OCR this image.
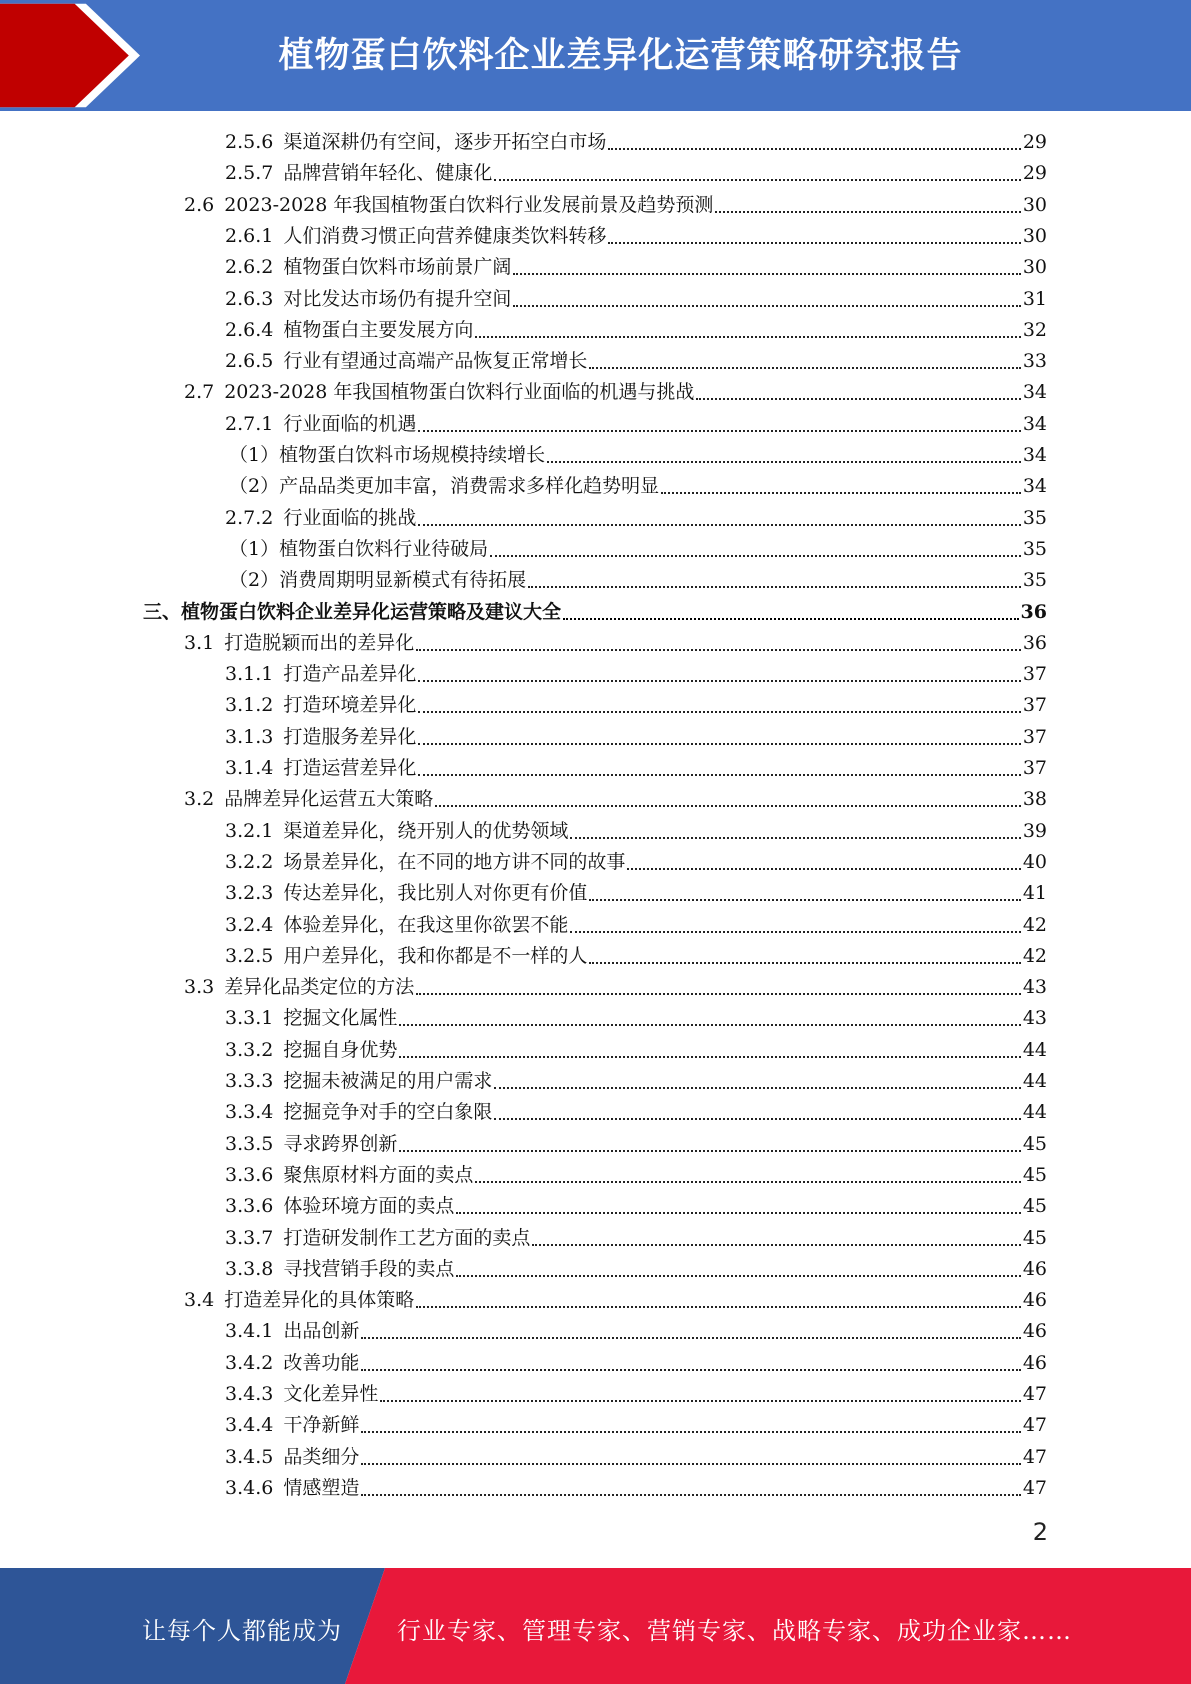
植物蛋白饮料企业差异化运营策略研究报告
2.5.6 渠道深耕仍有空间，逐步开拓空白市场	29
2.5.7 品牌营销年轻化、健康化	29
2.6 2023-2028 年我国植物蛋白饮料行业发展前景及趋势预测	30
2.6.1 人们消费习惯正向营养健康类饮料转移	30
2.6.2 植物蛋白饮料市场前景广阔	30
2.6.3 对比发达市场仍有提升空间	31
2.6.4 植物蛋白主要发展方向	32
2.6.5 行业有望通过高端产品恢复正常增长	33
2.7 2023-2028 年我国植物蛋白饮料行业面临的机遇与挑战	34
2.7.1 行业面临的机遇	34
（1）植物蛋白饮料市场规模持续增长	34
（2）产品品类更加丰富，消费需求多样化趋势明显	34
2.7.2 行业面临的挑战	35
（1）植物蛋白饮料行业待破局	35
（2）消费周期明显新模式有待拓展	35
三、植物蛋白饮料企业差异化运营策略及建议大全	36
3.1 打造脱颖而出的差异化	36
3.1.1 打造产品差异化	37
3.1.2 打造环境差异化	37
3.1.3 打造服务差异化	37
3.1.4 打造运营差异化	37
3.2 品牌差异化运营五大策略	38
3.2.1 渠道差异化，绕开别人的优势领域	39
3.2.2 场景差异化，在不同的地方讲不同的故事	40
3.2.3 传达差异化，我比别人对你更有价值	41
3.2.4 体验差异化，在我这里你欲罢不能	42
3.2.5 用户差异化，我和你都是不一样的人	42
3.3 差异化品类定位的方法	43
3.3.1 挖掘文化属性	43
3.3.2 挖掘自身优势	44
3.3.3 挖掘未被满足的用户需求	44
3.3.4 挖掘竞争对手的空白象限	44
3.3.5 寻求跨界创新	45
3.3.6 聚焦原材料方面的卖点	45
3.3.6 体验环境方面的卖点	45
3.3.7 打造研发制作工艺方面的卖点	45
3.3.8 寻找营销手段的卖点	46
3.4 打造差异化的具体策略	46
3.4.1 出品创新	46
3.4.2 改善功能	46
3.4.3 文化差异性	47
3.4.4 干净新鲜	47
3.4.5 品类细分	47
3.4.6 情感塑造	47
2
让每个人都能成为 行业专家、管理专家、营销专家、战略专家、成功企业家……
